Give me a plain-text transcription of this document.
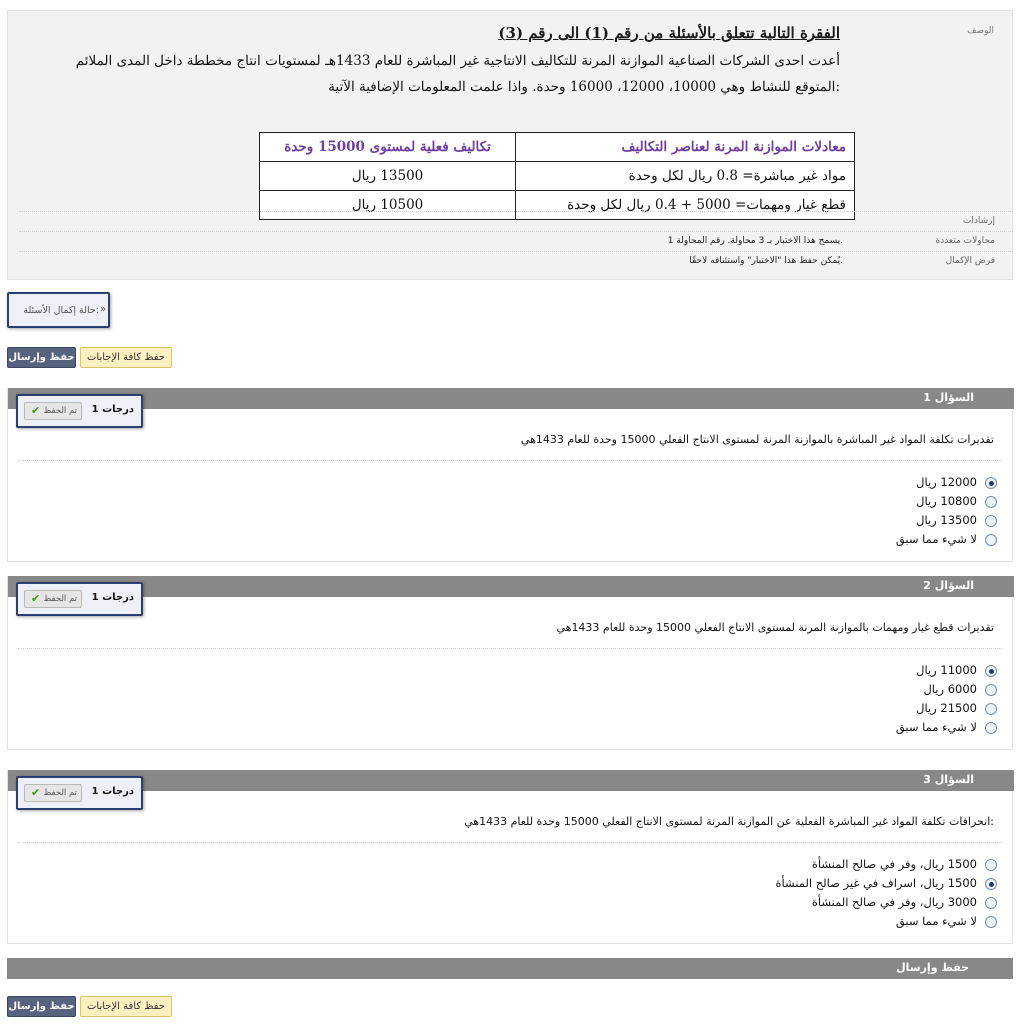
الوصف
الفقرة التالية تتعلق بالأسئلة من رقم (1) الى رقم (3)
أعدت احدى الشركات الصناعية الموازنة المرنة للتكاليف الانتاجية غير المباشرة للعام 1433هـ لمستويات انتاج مخططة داخل المدى الملائم
المتوقع للنشاط وهي 10000، 12000، 16000 وحدة. واذا علمت المعلومات الإضافية الآتية:
معادلات الموازنة المرنة لعناصر التكاليف	تكاليف فعلية لمستوى 15000 وحدة
مواد غير مباشرة= 0.8 ريال لكل وحدة	13500 ريال
قطع غيار ومهمات= 5000 + 0.4 ريال لكل وحدة	10500 ريال
إرشادات
محاولات متعددة
يسمح هذا الاختبار بـ 3 محاولة. رقم المحاولة 1.
فرض الإكمال
يُمكن حفظ هذا "الاختبار" واستئنافه لاحقًا.
حالة إكمال الأسئلة: »
حفظ وإرسال	حفظ كافة الإجابات
السؤال 1
1 درجات
✔ تم الحفظ
تقديرات تكلفة المواد غير المباشرة بالموازنة المرنة لمستوى الانتاج الفعلي 15000 وحدة للعام 1433هي
12000 ريال
10800 ريال
13500 ريال
لا شيء مما سبق
السؤال 2
1 درجات
✔ تم الحفظ
تقديرات قطع غيار ومهمات بالموازنة المرنة لمستوى الانتاج الفعلي 15000 وحدة للعام 1433هي
11000 ريال
6000 ريال
21500 ريال
لا شيء مما سبق
السؤال 3
1 درجات
✔ تم الحفظ
انحرافات تكلفة المواد غير المباشرة الفعلية عن الموازنة المرنة لمستوى الانتاج الفعلي 15000 وحدة للعام 1433هي:
1500 ريال، وفر في صالح المنشأة
1500 ريال، اسراف في غير صالح المنشأة
3000 ريال، وفر في صالح المنشأة
لا شيء مما سبق
حفظ وإرسال
حفظ وإرسال	حفظ كافة الإجابات
